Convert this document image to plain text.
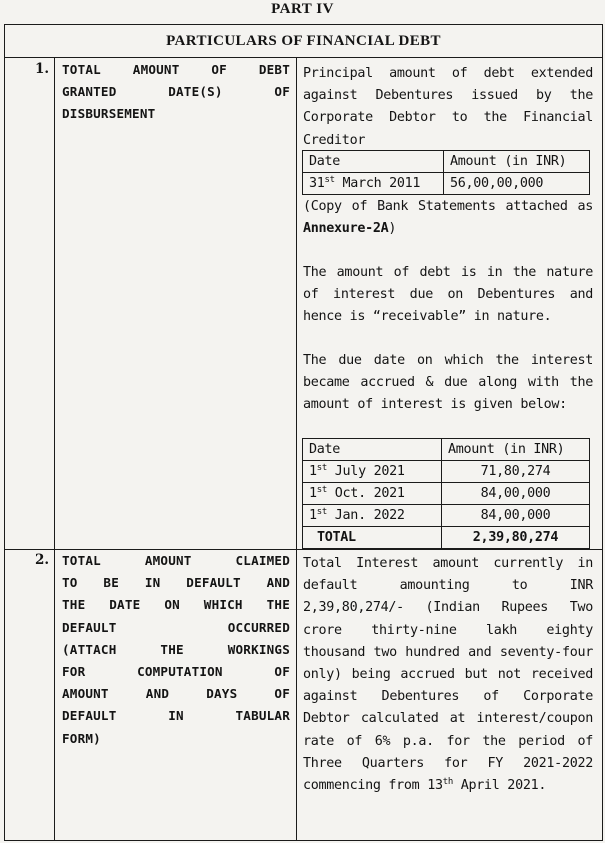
PART IV
PARTICULARS OF FINANCIAL DEBT
1. TOTAL AMOUNT OF DEBT
GRANTED DATE(S) OF
DISBURSEMENT
Principal amount of debt extended against Debentures issued by the Corporate Debtor to the Financial Creditor
Date	Amount (in INR)
31st March 2011	56,00,00,000
(Copy of Bank Statements attached as Annexure-2A)
The amount of debt is in the nature of interest due on Debentures and hence is “receivable” in nature.
The due date on which the interest became accrued & due along with the amount of interest is given below:
Date	Amount (in INR)
1st July 2021	71,80,274
1st Oct. 2021	84,00,000
1st Jan. 2022	84,00,000
TOTAL	2,39,80,274
2. TOTAL AMOUNT CLAIMED
TO BE IN DEFAULT AND
THE DATE ON WHICH THE
DEFAULT OCCURRED
(ATTACH THE WORKINGS
FOR COMPUTATION OF
AMOUNT AND DAYS OF
DEFAULT IN TABULAR
FORM)
Total Interest amount currently in default amounting to INR 2,39,80,274/- (Indian Rupees Two crore thirty-nine lakh eighty thousand two hundred and seventy-four only) being accrued but not received against Debentures of Corporate Debtor calculated at interest/coupon rate of 6% p.a. for the period of Three Quarters for FY 2021-2022 commencing from 13th April 2021.
